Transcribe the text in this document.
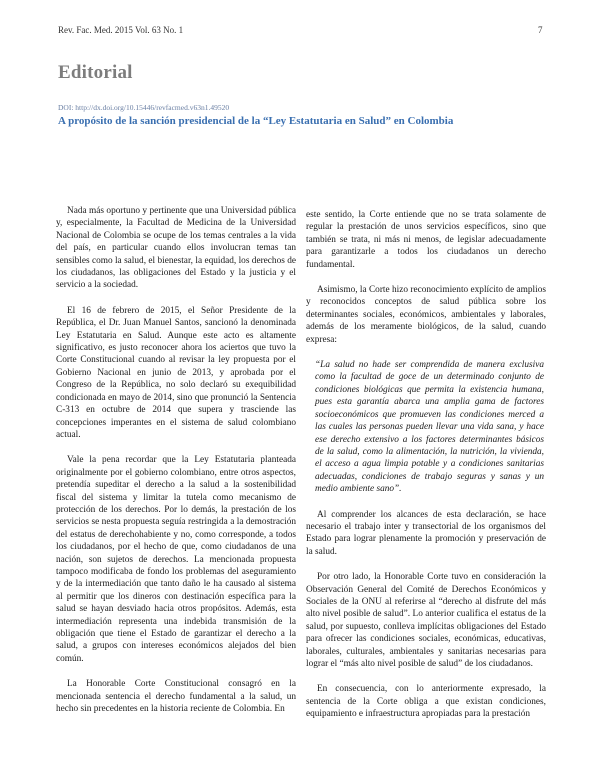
Rev. Fac. Med. 2015 Vol. 63 No. 1	7
Editorial
DOI: http://dx.doi.org/10.15446/revfacmed.v63n1.49520
A propósito de la sanción presidencial de la “Ley Estatutaria en Salud” en Colombia

Nada más oportuno y pertinente que una Universidad pública y, especialmente, la Facultad de Medicina de la Universidad Nacional de Colombia se ocupe de los temas centrales a la vida del país, en particular cuando ellos involucran temas tan sensibles como la salud, el bienestar, la equidad, los derechos de los ciudadanos, las obligaciones del Estado y la justicia y el servicio a la sociedad.

El 16 de febrero de 2015, el Señor Presidente de la República, el Dr. Juan Manuel Santos, sancionó la denominada Ley Estatutaria en Salud. Aunque este acto es altamente significativo, es justo reconocer ahora los aciertos que tuvo la Corte Constitucional cuando al revisar la ley propuesta por el Gobierno Nacional en junio de 2013, y aprobada por el Congreso de la República, no solo declaró su exequibilidad condicionada en mayo de 2014, sino que pronunció la Sentencia C-313 en octubre de 2014 que supera y trasciende las concepciones imperantes en el sistema de salud colombiano actual.

Vale la pena recordar que la Ley Estatutaria planteada originalmente por el gobierno colombiano, entre otros aspectos, pretendía supeditar el derecho a la salud a la sostenibilidad fiscal del sistema y limitar la tutela como mecanismo de protección de los derechos. Por lo demás, la prestación de los servicios se nesta propuesta seguía restringida a la demostración del estatus de derechohabiente y no, como corresponde, a todos los ciudadanos, por el hecho de que, como ciudadanos de una nación, son sujetos de derechos. La mencionada propuesta tampoco modificaba de fondo los problemas del aseguramiento y de la intermediación que tanto daño le ha causado al sistema al permitir que los dineros con destinación específica para la salud se hayan desviado hacia otros propósitos. Además, esta intermediación representa una indebida transmisión de la obligación que tiene el Estado de garantizar el derecho a la salud, a grupos con intereses económicos alejados del bien común.

La Honorable Corte Constitucional consagró en la mencionada sentencia el derecho fundamental a la salud, un hecho sin precedentes en la historia reciente de Colombia. En

este sentido, la Corte entiende que no se trata solamente de regular la prestación de unos servicios específicos, sino que también se trata, ni más ni menos, de legislar adecuadamente para garantizarle a todos los ciudadanos un derecho fundamental.

Asimismo, la Corte hizo reconocimiento explícito de amplios y reconocidos conceptos de salud pública sobre los determinantes sociales, económicos, ambientales y laborales, además de los meramente biológicos, de la salud, cuando expresa:

“La salud no hade ser comprendida de manera exclusiva como la facultad de goce de un determinado conjunto de condiciones biológicas que permita la existencia humana, pues esta garantía abarca una amplia gama de factores socioeconómicos que promueven las condiciones merced a las cuales las personas pueden llevar una vida sana, y hace ese derecho extensivo a los factores determinantes básicos de la salud, como la alimentación, la nutrición, la vivienda, el acceso a agua limpia potable y a condiciones sanitarias adecuadas, condiciones de trabajo seguras y sanas y un medio ambiente sano”.

Al comprender los alcances de esta declaración, se hace necesario el trabajo inter y transectorial de los organismos del Estado para lograr plenamente la promoción y preservación de la salud.

Por otro lado, la Honorable Corte tuvo en consideración la Observación General del Comité de Derechos Económicos y Sociales de la ONU al referirse al “derecho al disfrute del más alto nivel posible de salud”. Lo anterior cualifica el estatus de la salud, por supuesto, conlleva implícitas obligaciones del Estado para ofrecer las condiciones sociales, económicas, educativas, laborales, culturales, ambientales y sanitarias necesarias para lograr el “más alto nivel posible de salud” de los ciudadanos.

En consecuencia, con lo anteriormente expresado, la sentencia de la Corte obliga a que existan condiciones, equipamiento e infraestructura apropiadas para la prestación
